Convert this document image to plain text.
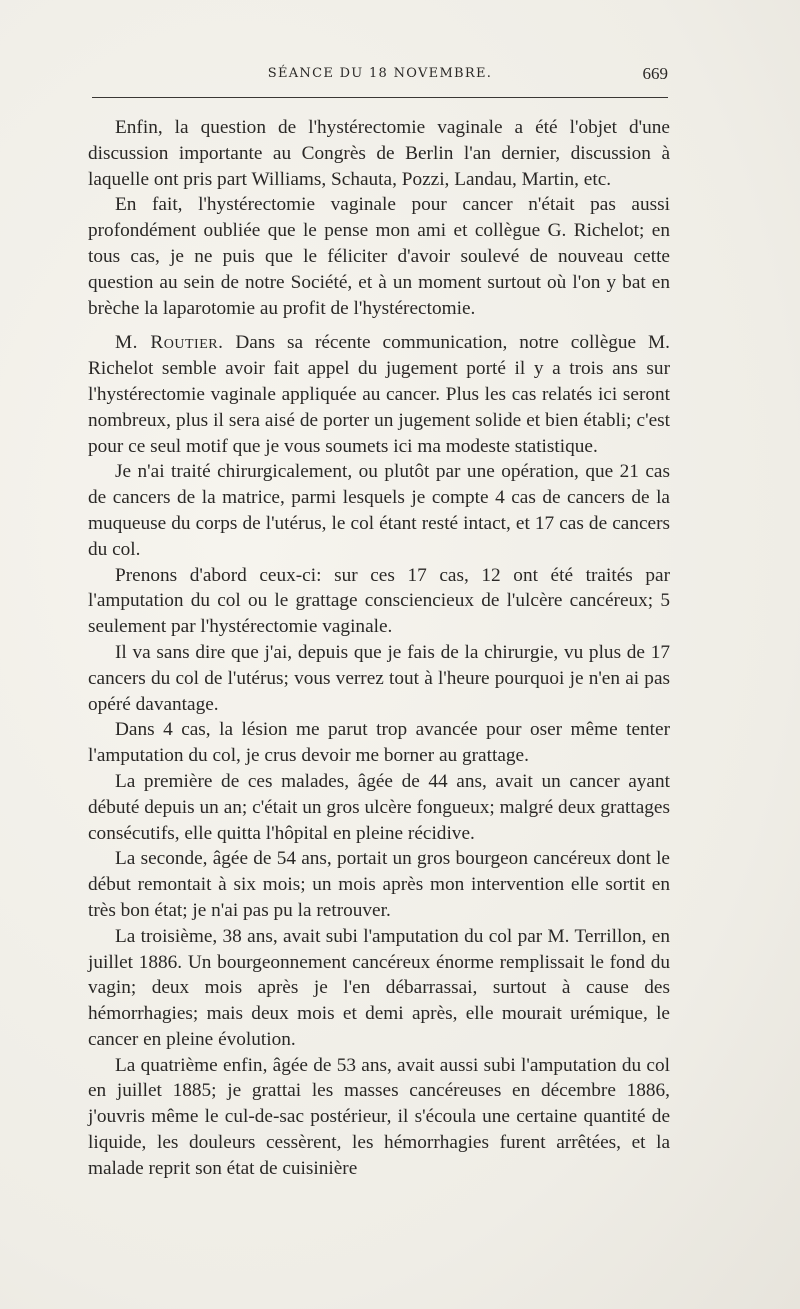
SÉANCE DU 18 NOVEMBRE.	669

Enfin, la question de l'hystérectomie vaginale a été l'objet d'une discussion importante au Congrès de Berlin l'an dernier, discussion à laquelle ont pris part Williams, Schauta, Pozzi, Landau, Martin, etc.

En fait, l'hystérectomie vaginale pour cancer n'était pas aussi profondément oubliée que le pense mon ami et collègue G. Richelot; en tous cas, je ne puis que le féliciter d'avoir soulevé de nouveau cette question au sein de notre Société, et à un moment surtout où l'on y bat en brèche la laparotomie au profit de l'hystérectomie.

M. Routier. Dans sa récente communication, notre collègue M. Richelot semble avoir fait appel du jugement porté il y a trois ans sur l'hystérectomie vaginale appliquée au cancer. Plus les cas relatés ici seront nombreux, plus il sera aisé de porter un jugement solide et bien établi; c'est pour ce seul motif que je vous soumets ici ma modeste statistique.

Je n'ai traité chirurgicalement, ou plutôt par une opération, que 21 cas de cancers de la matrice, parmi lesquels je compte 4 cas de cancers de la muqueuse du corps de l'utérus, le col étant resté intact, et 17 cas de cancers du col.

Prenons d'abord ceux-ci: sur ces 17 cas, 12 ont été traités par l'amputation du col ou le grattage consciencieux de l'ulcère cancéreux; 5 seulement par l'hystérectomie vaginale.

Il va sans dire que j'ai, depuis que je fais de la chirurgie, vu plus de 17 cancers du col de l'utérus; vous verrez tout à l'heure pourquoi je n'en ai pas opéré davantage.

Dans 4 cas, la lésion me parut trop avancée pour oser même tenter l'amputation du col, je crus devoir me borner au grattage.

La première de ces malades, âgée de 44 ans, avait un cancer ayant débuté depuis un an; c'était un gros ulcère fongueux; malgré deux grattages consécutifs, elle quitta l'hôpital en pleine récidive.

La seconde, âgée de 54 ans, portait un gros bourgeon cancéreux dont le début remontait à six mois; un mois après mon intervention elle sortit en très bon état; je n'ai pas pu la retrouver.

La troisième, 38 ans, avait subi l'amputation du col par M. Terrillon, en juillet 1886. Un bourgeonnement cancéreux énorme remplissait le fond du vagin; deux mois après je l'en débarrassai, surtout à cause des hémorrhagies; mais deux mois et demi après, elle mourait urémique, le cancer en pleine évolution.

La quatrième enfin, âgée de 53 ans, avait aussi subi l'amputation du col en juillet 1885; je grattai les masses cancéreuses en décembre 1886, j'ouvris même le cul-de-sac postérieur, il s'écoula une certaine quantité de liquide, les douleurs cessèrent, les hémorrhagies furent arrêtées, et la malade reprit son état de cuisinière
